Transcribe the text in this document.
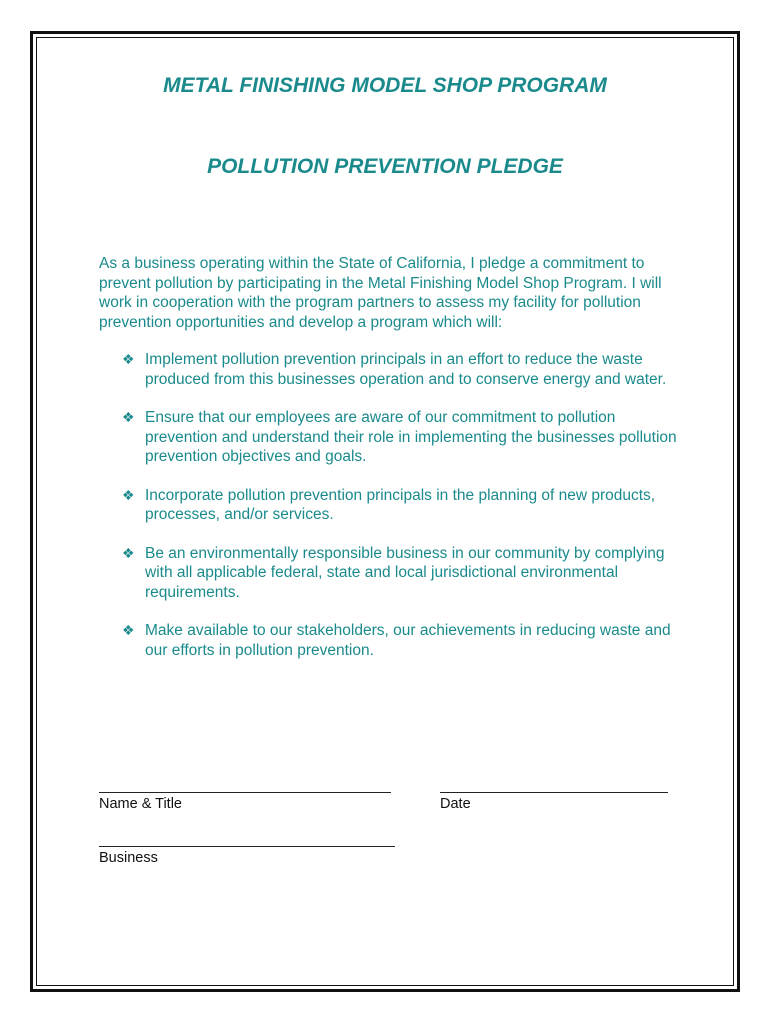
METAL FINISHING MODEL SHOP PROGRAM
POLLUTION PREVENTION PLEDGE
As a business operating within the State of California, I pledge a commitment to prevent pollution by participating in the Metal Finishing Model Shop Program. I will work in cooperation with the program partners to assess my facility for pollution prevention opportunities and develop a program which will:
❖ Implement pollution prevention principals in an effort to reduce the waste produced from this businesses operation and to conserve energy and water.
❖ Ensure that our employees are aware of our commitment to pollution prevention and understand their role in implementing the businesses pollution prevention objectives and goals.
❖ Incorporate pollution prevention principals in the planning of new products, processes, and/or services.
❖ Be an environmentally responsible business in our community by complying with all applicable federal, state and local jurisdictional environmental requirements.
❖ Make available to our stakeholders, our achievements in reducing waste and our efforts in pollution prevention.
Name & Title	Date
Business
